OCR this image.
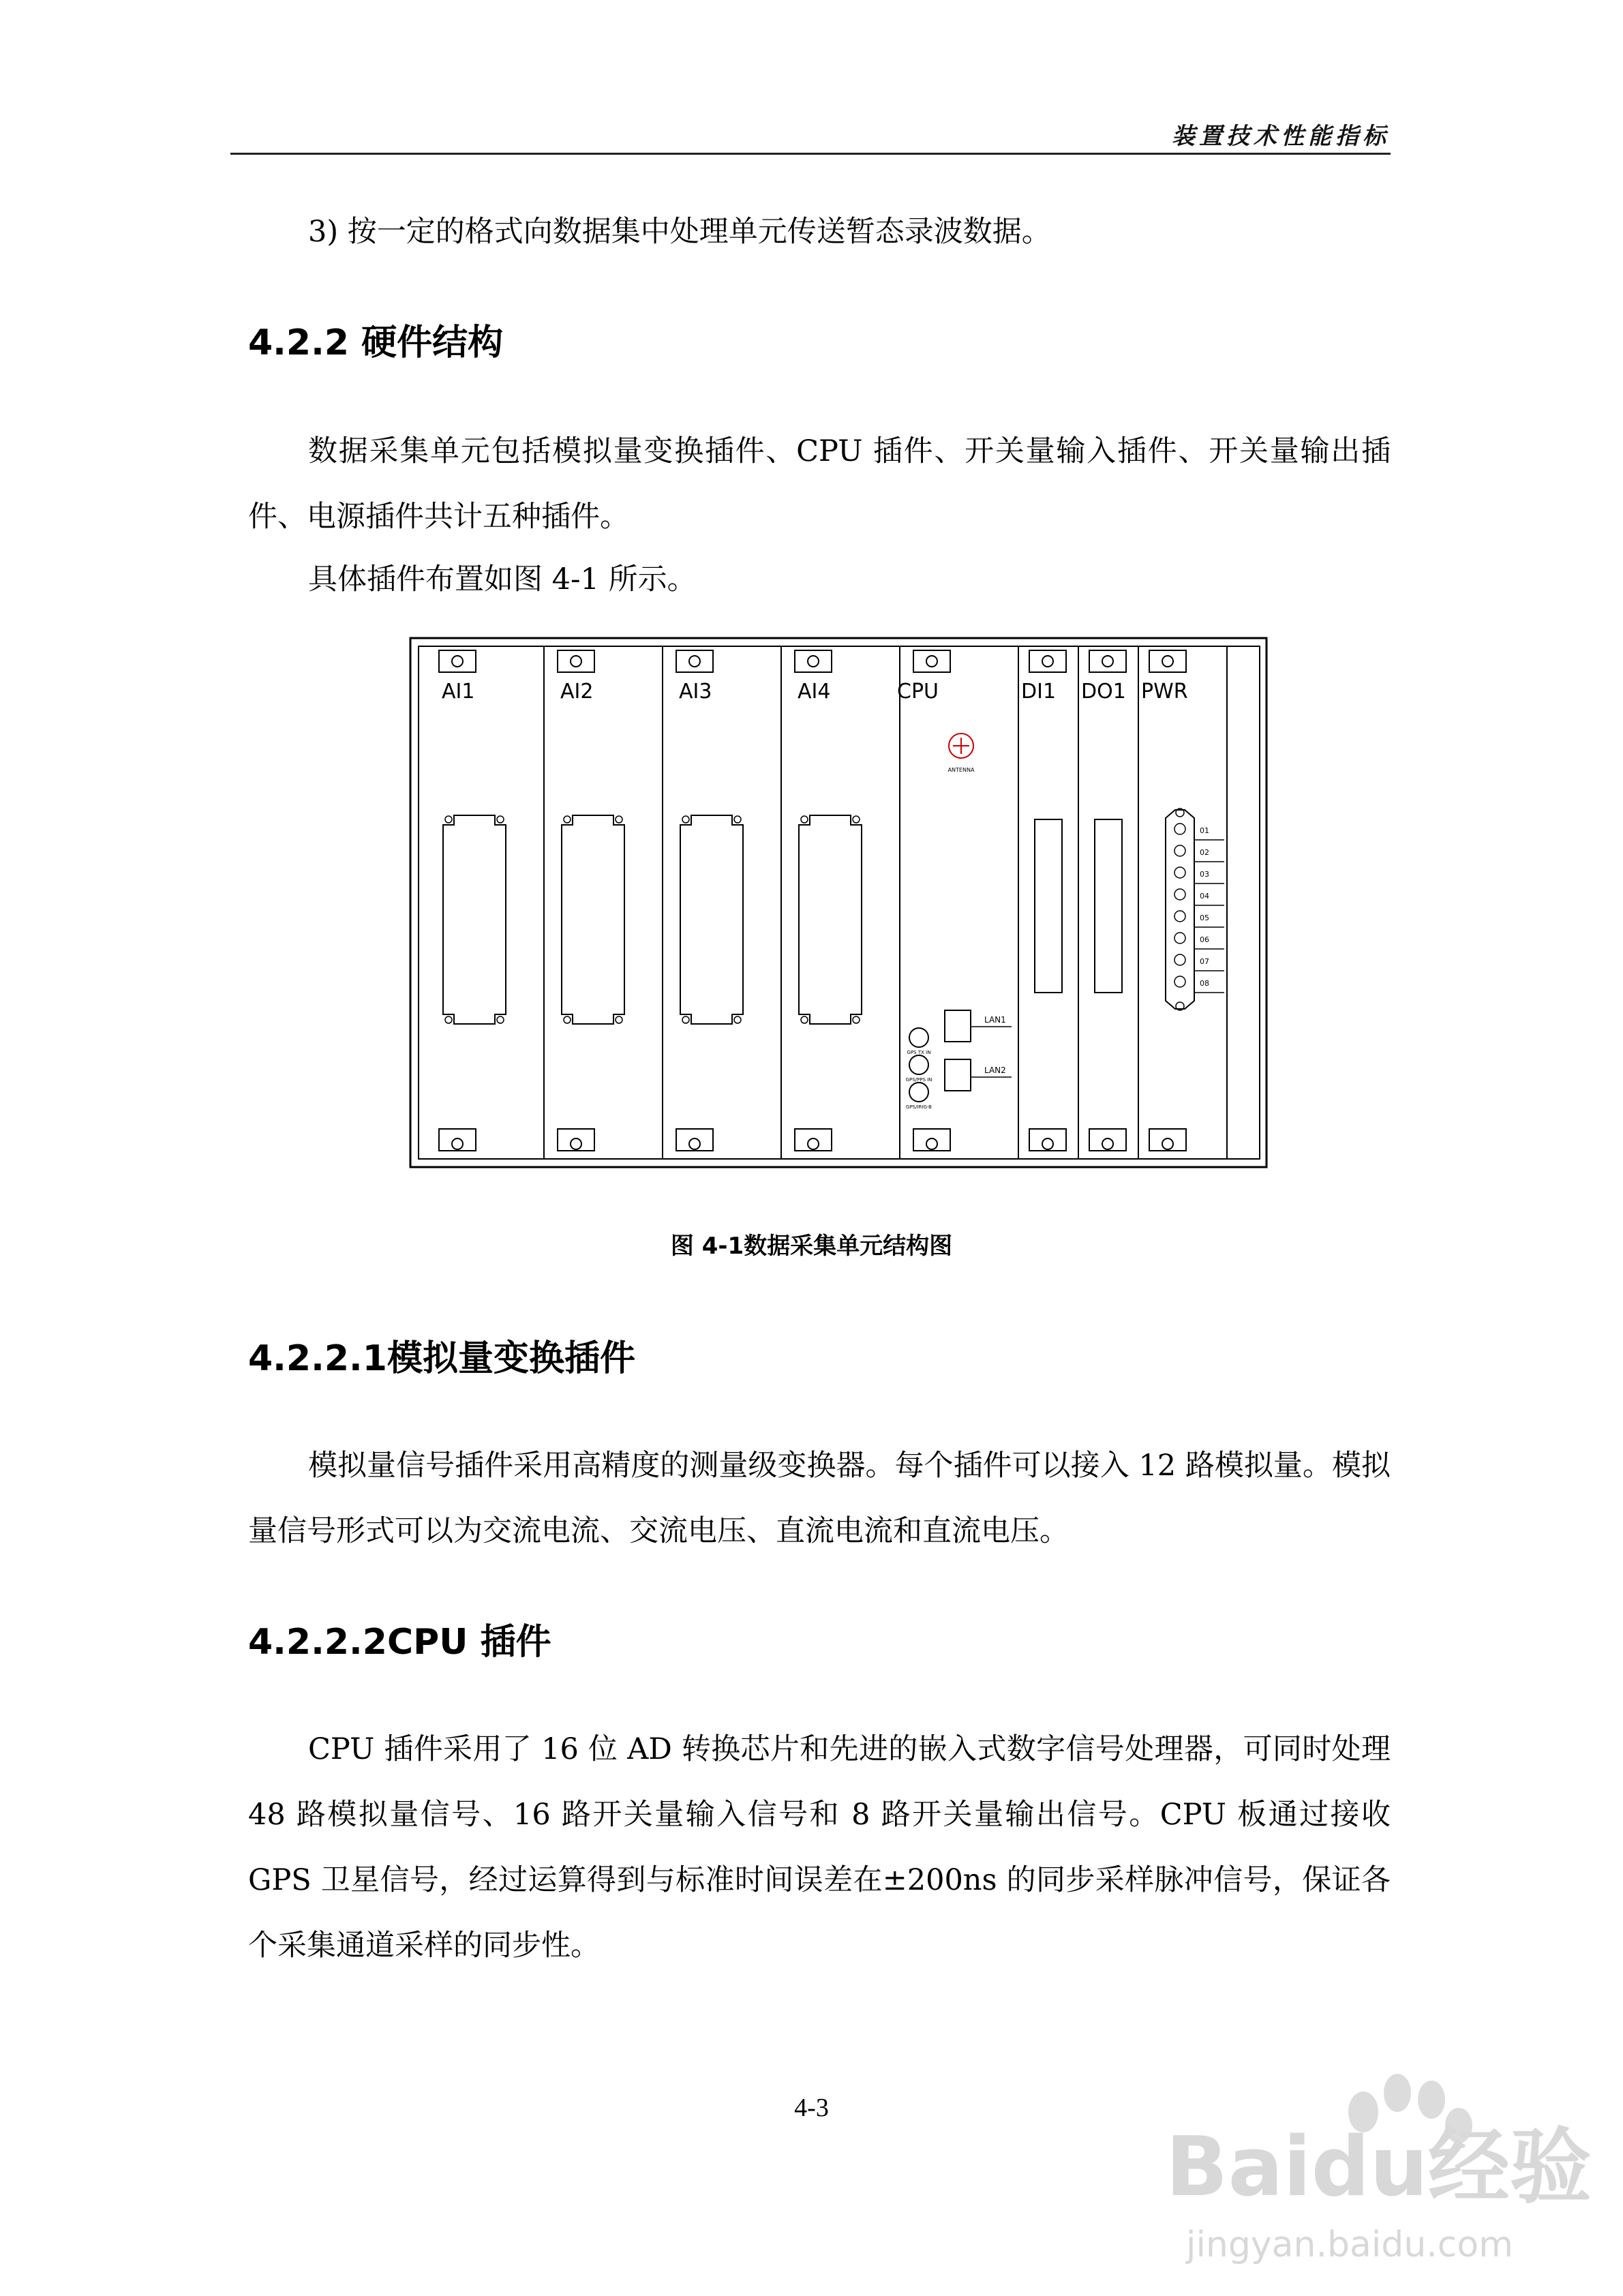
装置技术性能指标
3) 按一定的格式向数据集中处理单元传送暂态录波数据。
4.2.2 硬件结构
数据采集单元包括模拟量变换插件、CPU 插件、开关量输入插件、开关量输出插件、电源插件共计五种插件。
具体插件布置如图 4-1 所示。
AI1	AI2	AI3	AI4	CPU	DI1 DO1 PWR
ANTENNA
GPS TX IN
GPS/PPS IN
GPS/IRIG-B
LAN1
LAN2
01
02
03
04
05
06
07
08
图 4-1数据采集单元结构图
4.2.2.1模拟量变换插件
模拟量信号插件采用高精度的测量级变换器。每个插件可以接入 12 路模拟量。模拟量信号形式可以为交流电流、交流电压、直流电流和直流电压。
4.2.2.2CPU 插件
CPU 插件采用了 16 位 AD 转换芯片和先进的嵌入式数字信号处理器，可同时处理 48 路模拟量信号、16 路开关量输入信号和 8 路开关量输出信号。CPU 板通过接收 GPS 卫星信号，经过运算得到与标准时间误差在±200ns 的同步采样脉冲信号，保证各个采集通道采样的同步性。
4-3
Baidu经验
jingyan.baidu.com
